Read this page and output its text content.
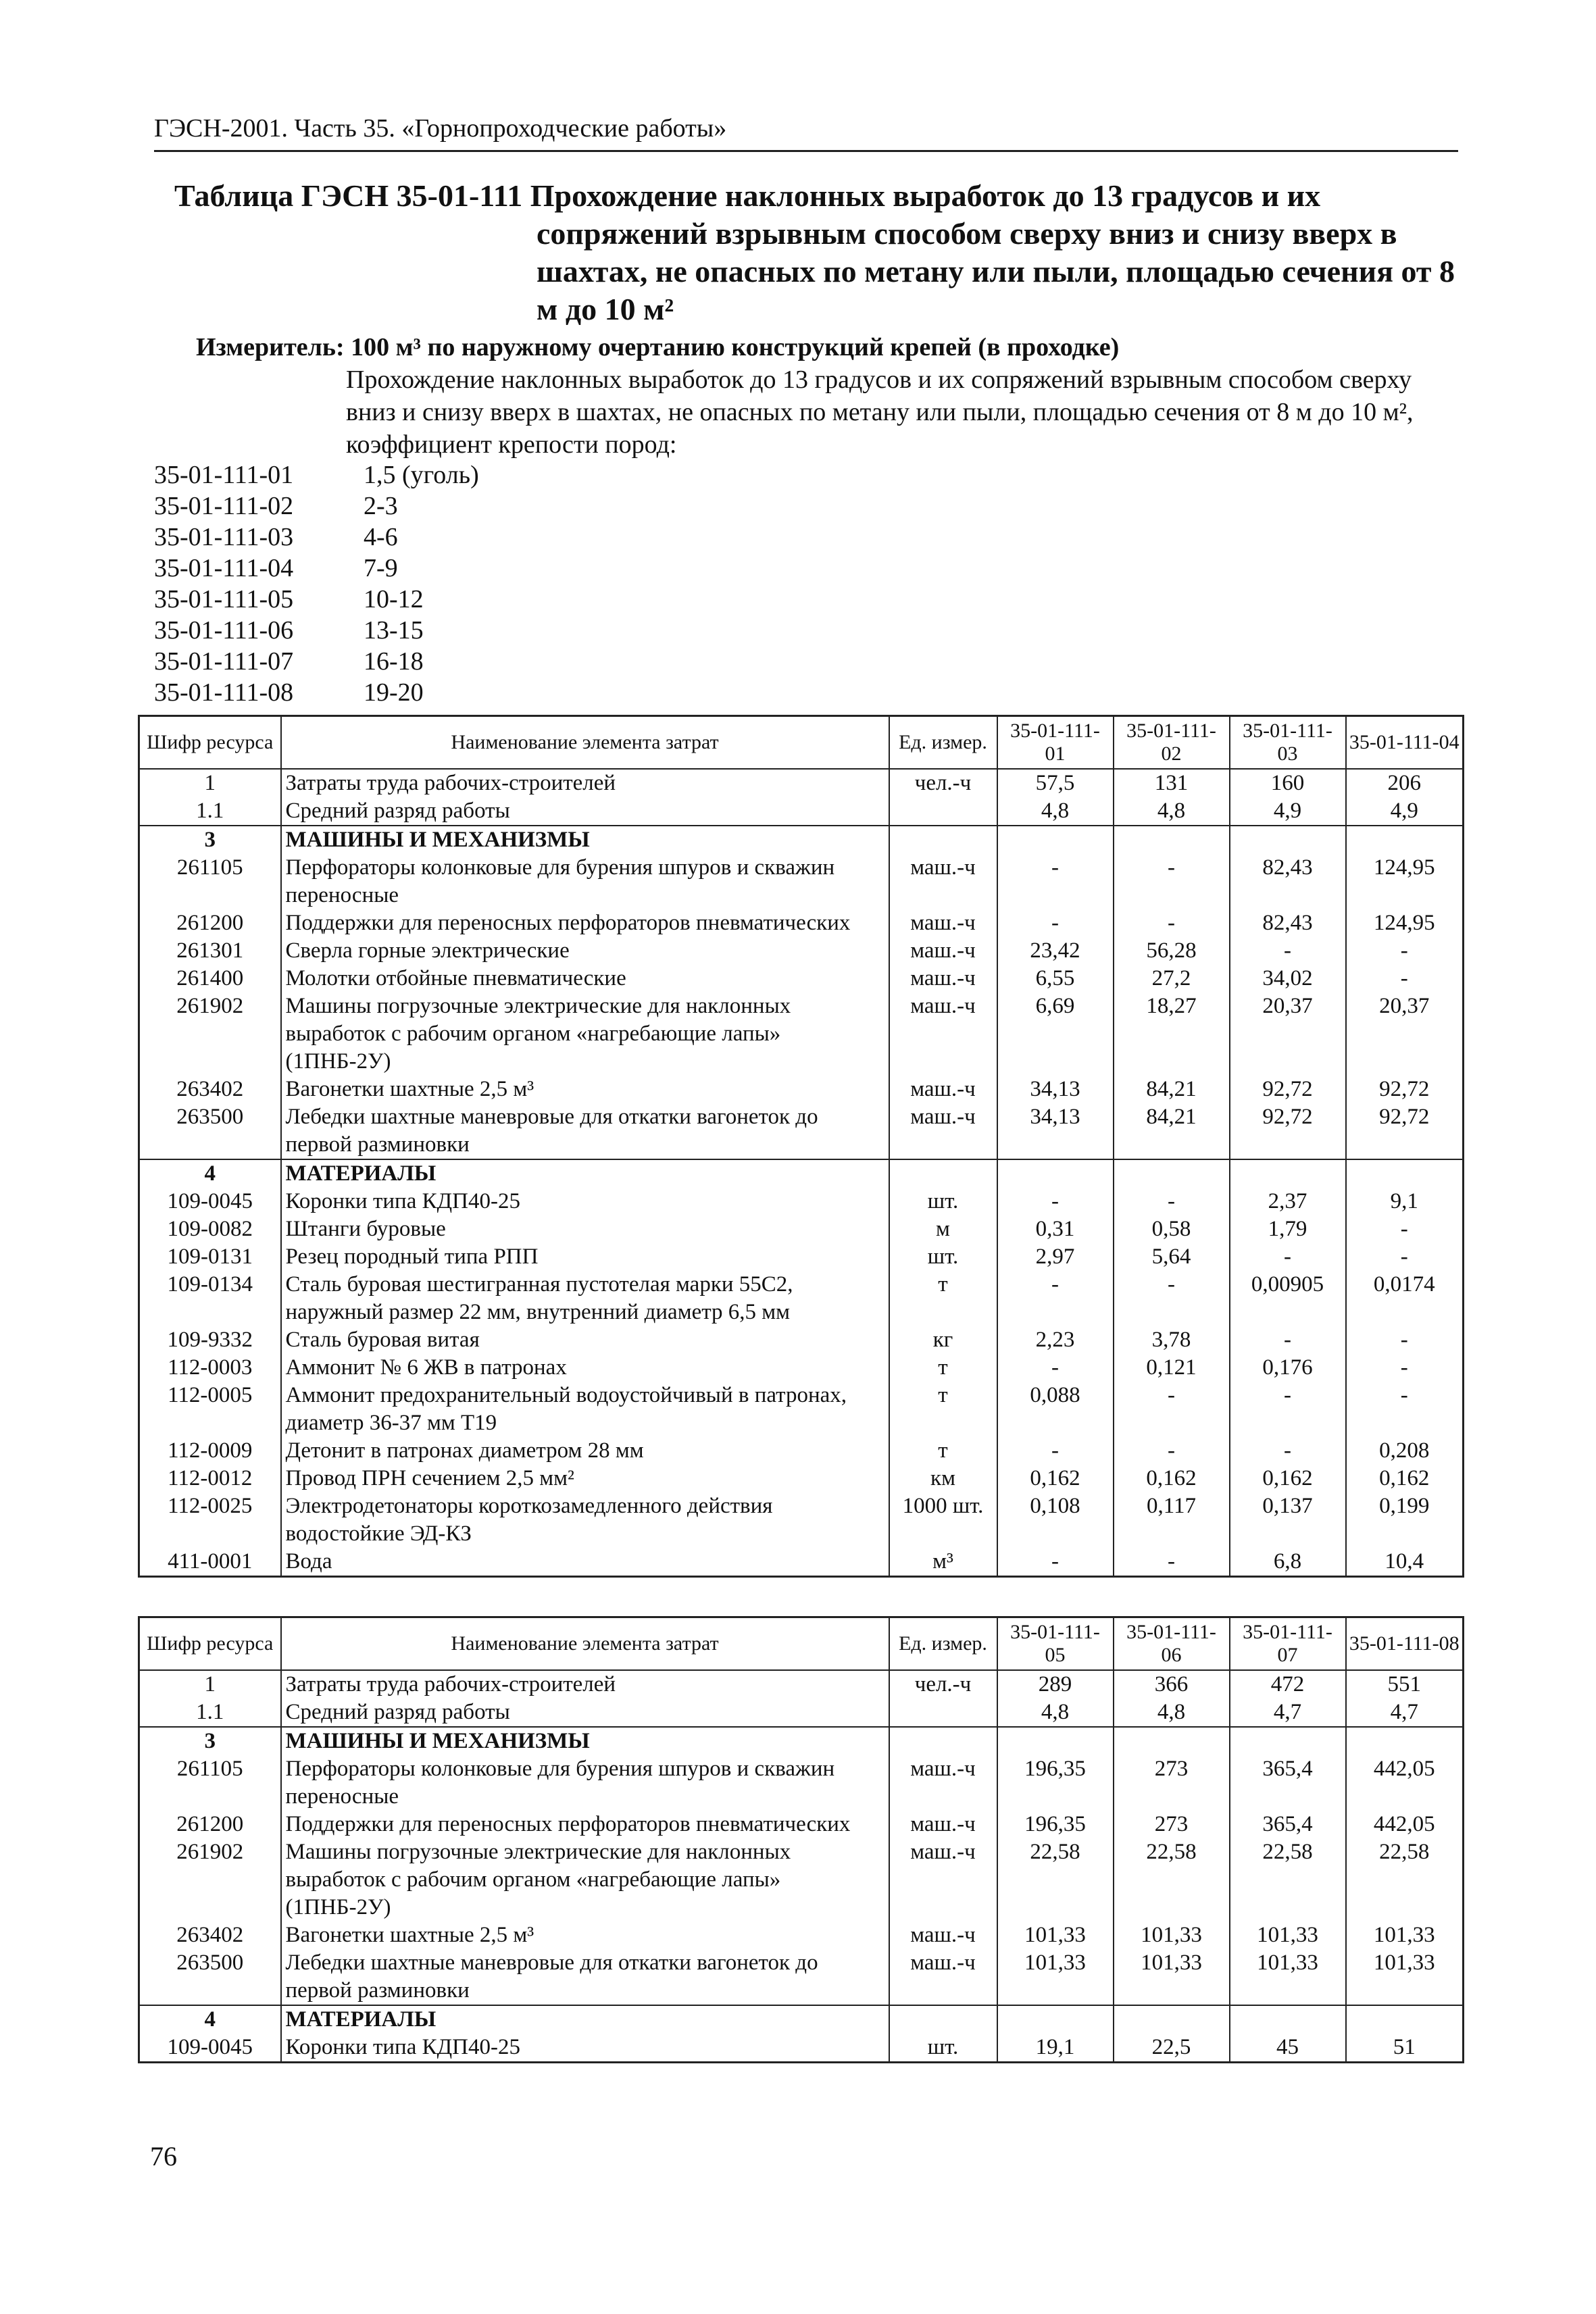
ГЭСН-2001. Часть 35. «Горнопроходческие работы»
Таблица ГЭСН 35-01-111 Прохождение наклонных выработок до 13 градусов и их
сопряжений взрывным способом сверху вниз и снизу вверх в шахтах, не опасных по метану или пыли, площадью сечения от 8 м до 10 м²
Измеритель: 100 м³ по наружному очертанию конструкций крепей (в проходке)
Прохождение наклонных выработок до 13 градусов и их сопряжений взрывным способом сверху вниз и снизу вверх в шахтах, не опасных по метану или пыли, площадью сечения от 8 м до 10 м², коэффициент крепости пород:
35-01-111-01	1,5 (уголь)
35-01-111-02	2-3
35-01-111-03	4-6
35-01-111-04	7-9
35-01-111-05	10-12
35-01-111-06	13-15
35-01-111-07	16-18
35-01-111-08	19-20
Шифр ресурса	Наименование элемента затрат	Ед. измер.	35-01-111-01	35-01-111-02	35-01-111-03	35-01-111-04
1	Затраты труда рабочих-строителей	чел.-ч	57,5	131	160	206
1.1	Средний разряд работы		4,8	4,8	4,9	4,9
3	МАШИНЫ И МЕХАНИЗМЫ					
261105	Перфораторы колонковые для бурения шпуров и скважин переносные	маш.-ч	-	-	82,43	124,95
261200	Поддержки для переносных перфораторов пневматических	маш.-ч	-	-	82,43	124,95
261301	Сверла горные электрические	маш.-ч	23,42	56,28	-	-
261400	Молотки отбойные пневматические	маш.-ч	6,55	27,2	34,02	-
261902	Машины погрузочные электрические для наклонных выработок с рабочим органом «нагребающие лапы» (1ПНБ-2У)	маш.-ч	6,69	18,27	20,37	20,37
263402	Вагонетки шахтные 2,5 м³	маш.-ч	34,13	84,21	92,72	92,72
263500	Лебедки шахтные маневровые для откатки вагонеток до первой разминовки	маш.-ч	34,13	84,21	92,72	92,72
4	МАТЕРИАЛЫ					
109-0045	Коронки типа КДП40-25	шт.	-	-	2,37	9,1
109-0082	Штанги буровые	м	0,31	0,58	1,79	-
109-0131	Резец породный типа РПП	шт.	2,97	5,64	-	-
109-0134	Сталь буровая шестигранная пустотелая марки 55С2, наружный размер 22 мм, внутренний диаметр 6,5 мм	т	-	-	0,00905	0,0174
109-9332	Сталь буровая витая	кг	2,23	3,78	-	-
112-0003	Аммонит № 6 ЖВ в патронах	т	-	0,121	0,176	-
112-0005	Аммонит предохранительный водоустойчивый в патронах, диаметр 36-37 мм Т19	т	0,088	-	-	-
112-0009	Детонит в патронах диаметром 28 мм	т	-	-	-	0,208
112-0012	Провод ПРН сечением 2,5 мм²	км	0,162	0,162	0,162	0,162
112-0025	Электродетонаторы короткозамедленного действия водостойкие ЭД-КЗ	1000 шт.	0,108	0,117	0,137	0,199
411-0001	Вода	м³	-	-	6,8	10,4
Шифр ресурса	Наименование элемента затрат	Ед. измер.	35-01-111-05	35-01-111-06	35-01-111-07	35-01-111-08
1	Затраты труда рабочих-строителей	чел.-ч	289	366	472	551
1.1	Средний разряд работы		4,8	4,8	4,7	4,7
3	МАШИНЫ И МЕХАНИЗМЫ					
261105	Перфораторы колонковые для бурения шпуров и скважин переносные	маш.-ч	196,35	273	365,4	442,05
261200	Поддержки для переносных перфораторов пневматических	маш.-ч	196,35	273	365,4	442,05
261902	Машины погрузочные электрические для наклонных выработок с рабочим органом «нагребающие лапы» (1ПНБ-2У)	маш.-ч	22,58	22,58	22,58	22,58
263402	Вагонетки шахтные 2,5 м³	маш.-ч	101,33	101,33	101,33	101,33
263500	Лебедки шахтные маневровые для откатки вагонеток до первой разминовки	маш.-ч	101,33	101,33	101,33	101,33
4	МАТЕРИАЛЫ					
109-0045	Коронки типа КДП40-25	шт.	19,1	22,5	45	51
76
